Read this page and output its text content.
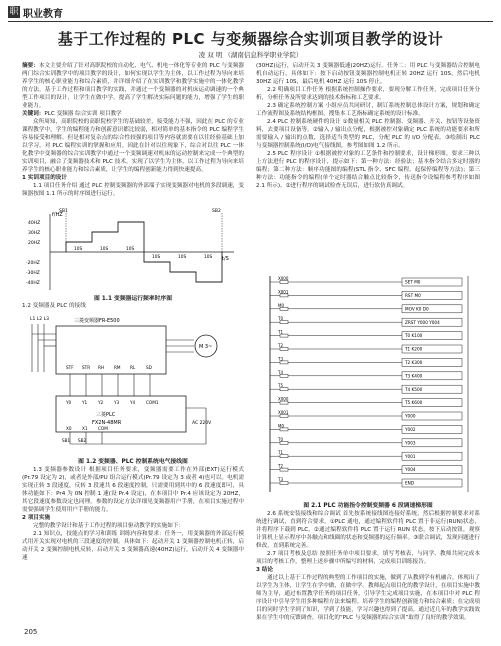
职 职业教育
基于工作过程的 PLC 与变频器综合实训项目教学的设计
凌 双 明 （湖南信息科学职业学院）

摘要：本文主要介绍了针对高职院校的自动化、电气、机电一体化等专业的 PLC 与变频器两门综合实训教学中的项目教学的设计，如何实现以学生为主体，以工作过程为导向来培养学生的核心职业能力和综合素质，并详细介绍了在实训教学和教学实施中的一体化教学的方法，基于工作过程和项目教学的实践，并通过一个变频器的对机床运动调速的一个典型工作项目的设计，让学生在做中学，提高了学生解决实际问题的能力，增强了学生的职业能力。

关键词：PLC 变频器 综合实训 项目教学

众所周知，高职院校的高职院校学生的基础较差，接受能力不强，因此在 PLC 的专业课程教学中，学生的编程能力和创新意识都比较弱，相对简单的基本指令的 PLC 编程学生容易接受和理解。但是相对复杂点的综合性较强的项目等内容就需要在以往经验基础上加以学习，对 PLC 编程实训的掌握和应用。因此在针对以往现象下，综合对以往 PLC 一体化教学中变频器的综合实训教学中通过一个变频调速对机床的运动控制来完成一个典型的实训项目，融合了变频器技术和 PLC 技术，实现了以学生为主体，以工作过程为导向来培养学生的核心职业能力和综合素质，让学生的编程创新能力得到快速提高。

1 实训项目的设计

1.1 项目任务介绍 通过 PLC 控制变频器的外部端子实现变频器对电机的多段调速，变频器按图 1.1 所示的时序图进行运行。

f/HZ
t/S
40HZ
30HZ
20HZ
-20HZ
-30HZ
-40HZ
SB1	SB2
10S	10S	10S
10S	10S	10S
图 1.1 变频器运行频率时序图

1.2 变频器及 PLC 的接线

L1 L2 L3	三菱变频器FR-E500
M 3~
STF STR RH RM RL	SD
三菱PLC
FX2N-48MR
Y0	Y1	Y2	Y3	Y4	COM1
X0 X1 COM
SB1 SB2
AC 220V
图 1.2 变频器、PLC 控制系统电气接线图

1.3 变频器参数设计 根据项目任务要求，变频器需要工作在外部(EXT)运行模式(Pr.79 设定为 2)，或者是外部/PU 组合运行模式(Pr.79 设定为 3 或者 4)也可以。电机需实现正转 3 段速度，反转 3 段速共 6 段速度控制，只需要用到其中的 6 段速度即可，具体功能如下：Pr4 为 0N 控制 1 速(设 Pr.4 设定)，在本项目中 Pr.4 应该设定为 20HZ，其它段速度参数设定也同理。参数的设定方法详细见变频器用户手册，在项目实施过程中需要强调学生使用用户手册的能力。

2 项目实施

完整的教学设计和基于工作过程的项目驱动教学的实施如下：

2.1 知识点，技能点的学习和训练 训练内容和要求：任务一，用变频器的外部运行模式用开关实现对电机的三段速度的控制。具体如下：起动开关 1 变频器控制电机正转，启动开关 2 变频控制电机反转，启动开关 3 变频器高速(40HZ)运行，启动开关 4 变频器中速

(30HZ)运行，启动开关 3 变频器低速(20HZ)运行。任务二：用 PLC 与变频器结合控制电机自动运行，具体如下：按下启动按钮变频器控制电机正转 20HZ 运行 10S，然后电机 30HZ 运行 10S，最后电机 40HZ 运行 10S 停止。

2.2 明确项目工作任务 根据系统控制操作要求，要现分解工作任务，完成项目任务分析，分析任务及所要求达到的技术指标和工艺要求。

2.3 确定系统控制方案 小组应员共同研讨，制订系统控制总体设计方案，规划和确定工作流程图及系统结构框图，搜集本工艺指标确定系统的设计标准。

2.4 PLC 控制系统硬件的设计 ①数量相关 PLC 控制器、变频器、开关、按钮等设备资料，去要项目设备等。②输入 / 输出点分配，根据被控对象确定 PLC 系统的功能要求和所需要输入 / 输出的点数，选择适当类型的 PLC，分配 PLC 的 I/O 分配表。③绘制出 PLC 与变频器控制系统(I/O)电气接线图，参考图如图 1.2 所示。

2.5 PLC 程序设计 ①根据被控对象的工艺条件和控制要求，设计梯形图。要求三种以上方法进行 PLC 的程序设计，提示如下：第一种方法：经验法；基本指令结合多定时器的编程；第二种方法：顺序功能图的编程(STL 指令、SFC 编程，起保停编程等方法)；第三种方法：功能指令的编程(单个定时器结合触点比较指令，传送指令设编程参考程序如图 2.1 所示)。②进行程序的调试检查无误后，进行软仿真调试。

X000
SET M0
X001
RST M0
M0
MOV K0 D0
T0
ZRST Y000 Y004
T1
T0 K100
T2
T1 K200
T3
T2 K300
T4
T3 K400
T5
T4 K500
X000
T5 K600
X001
Y000
M0
Y002
T0
Y003
T1
Y001
T2
Y004
T3
END
图 2.1 PLC 功能指令控制变频器 6 段调速梯形图

2.6 系统安装接线和综合调试 首先按系统接线图连接好系统，然后根据控制要求对系统进行调试，直到符合要求。①PLC 通电，通过编程软件将 PLC 置于非运行(RUN)状态，并将程序下载到 PLC。②通过编程软件将 PLC 置于运行 RUN 状态，按下启动按钮，观察计算机上显示程序中各触点和线圈的状态和变频器的运行频率。③联合调试，发现问题进行修改，直到系统完善。

2.7 项目考核及总结 按照任务单中项目要求，填写考核表，与同学、教师共同完成本项目的考核工作，整理上述步骤中所编写的材料，完成项目训练报告。

3 结论

通过以上基于工作过程的典型的工作项目的实施，做到了从教到学有机融合，体现出了以学生为主体，让学生在学中做，在做中学。教师起点项目化的教学设计，在项目实施中教师为主导，通过布置教学任务的项目任务，引导学生完成项目实施，在本项目中对 PLC 程序设计中引导学生用多种编程方法来编程。培养学生的编程创新能力和综合素质；在完成项目的同时学生学到了知识，学到了技能，学习兴趣也得到了提高。通过近几年的教学实践效果在学生中的反馈调查，项目化的“PLC 与变频器的综合实训”取得了良好的教学效果。

205
